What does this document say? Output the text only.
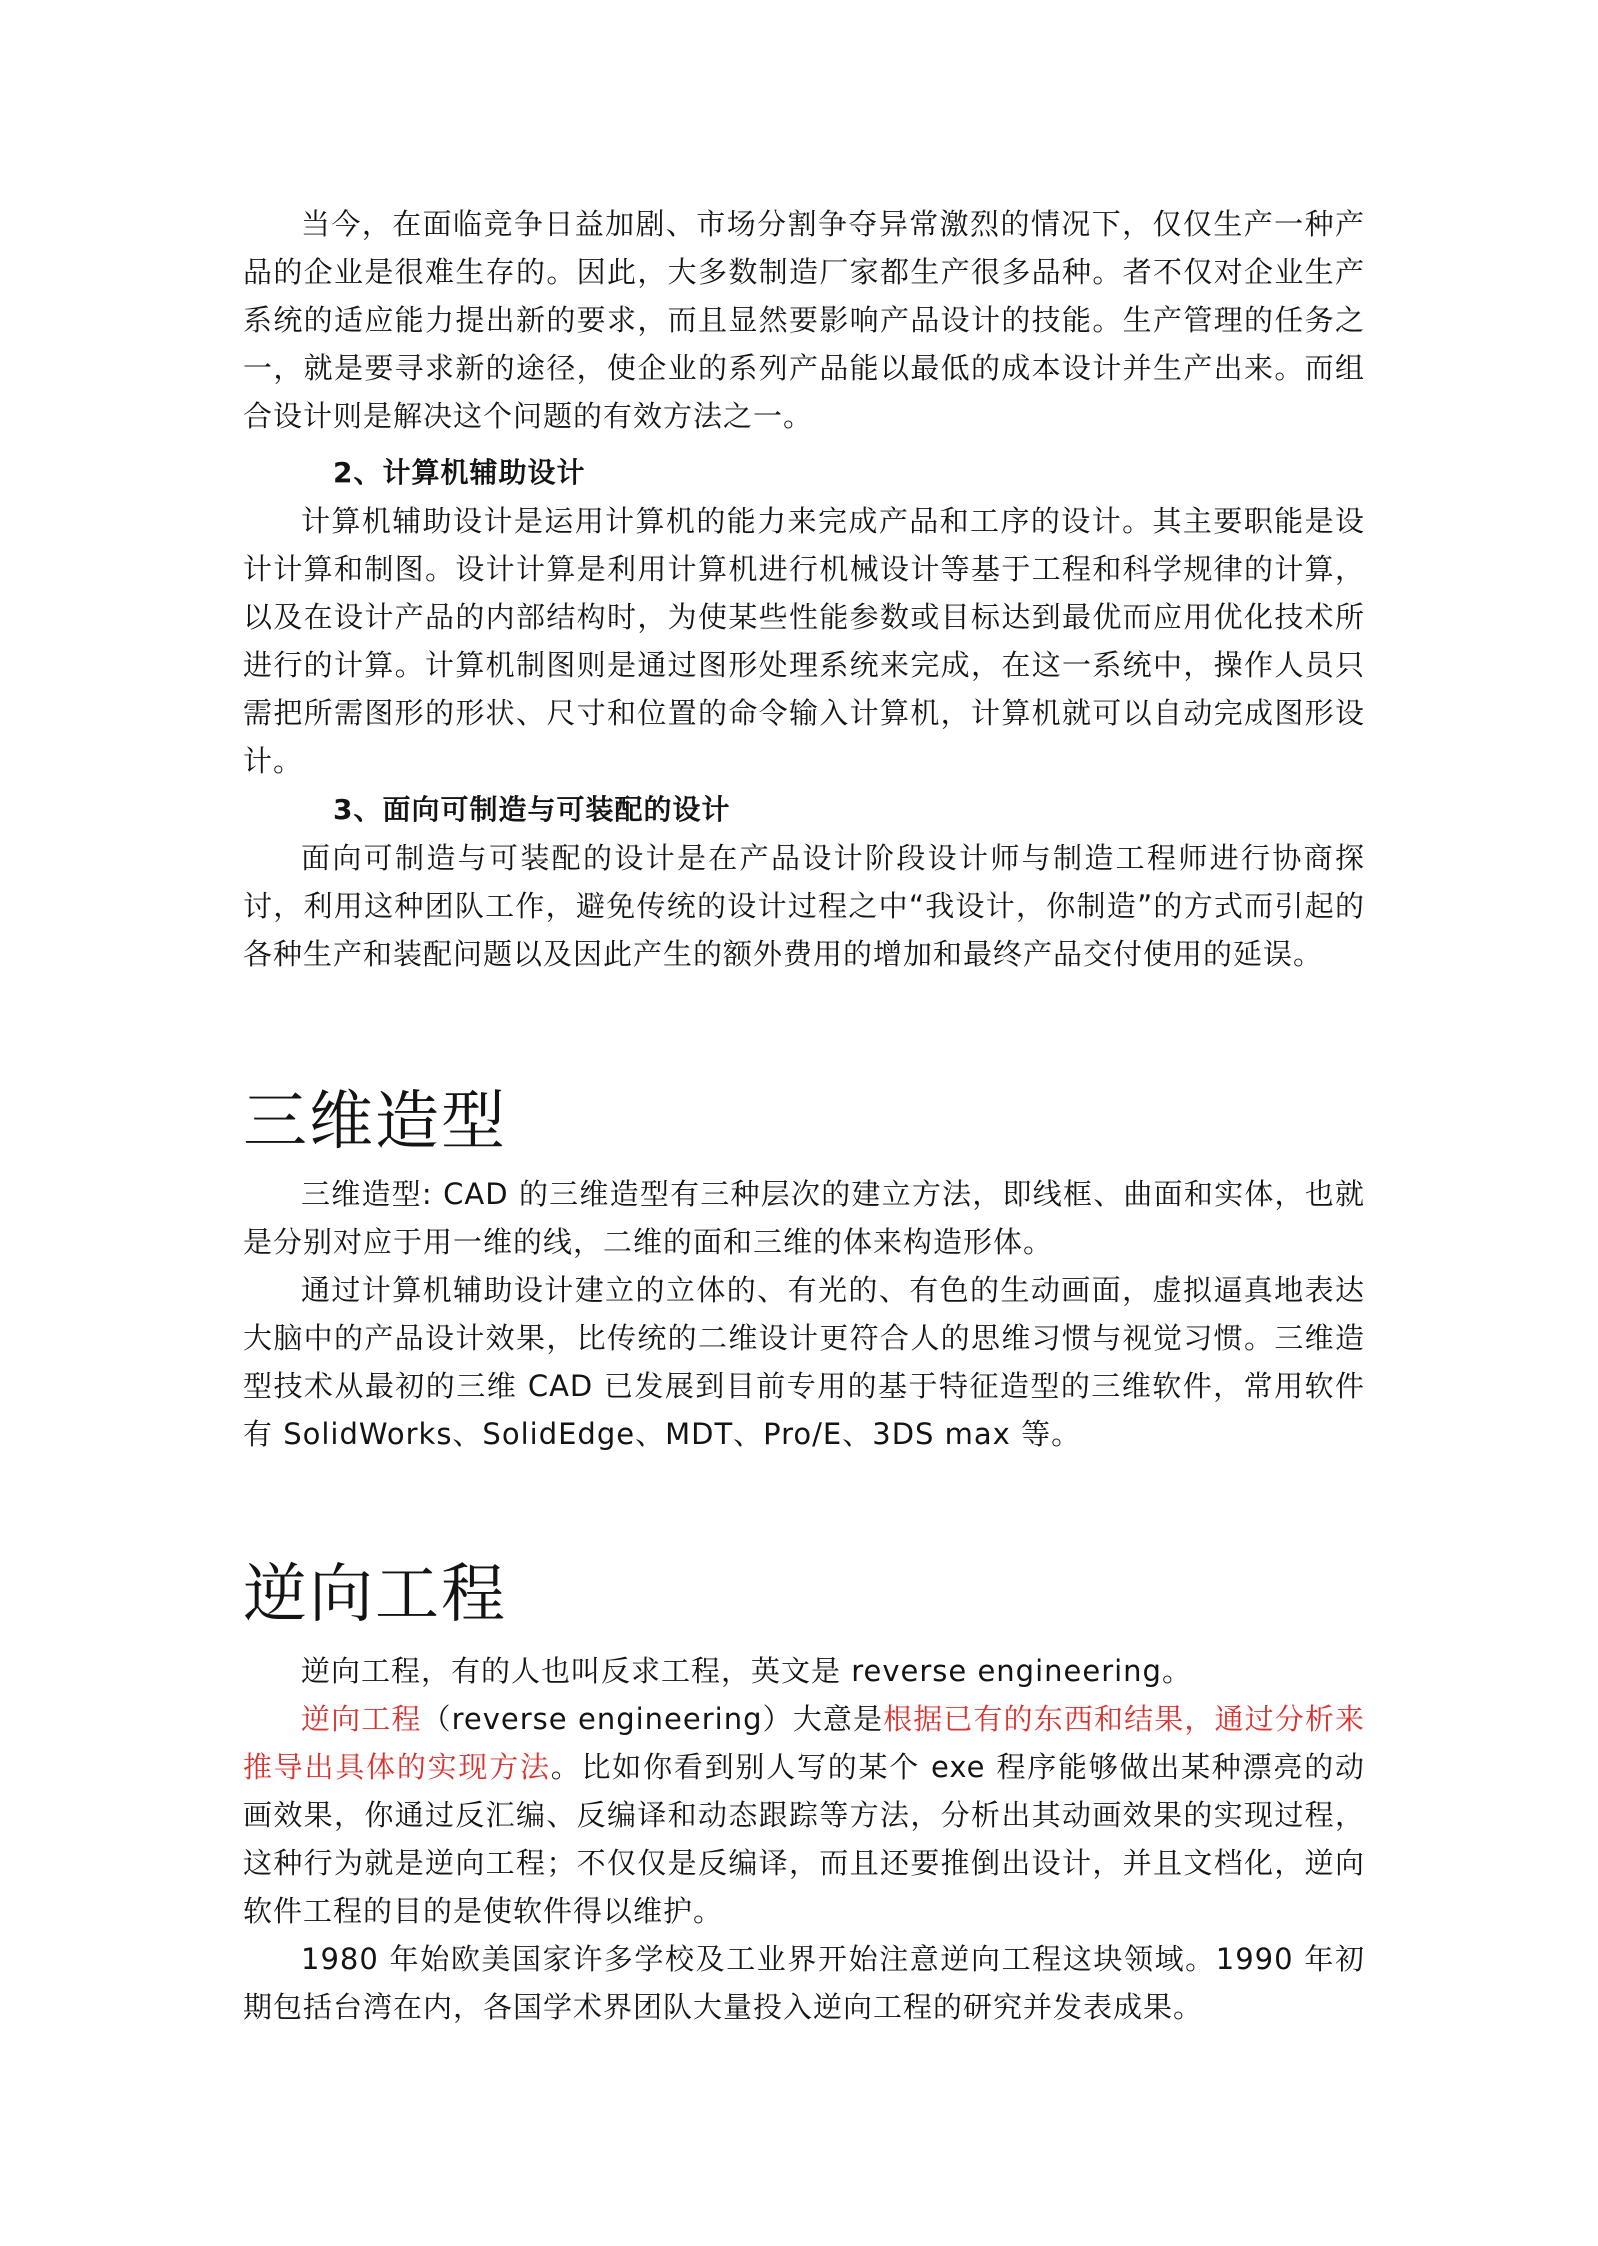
当今，在面临竞争日益加剧、市场分割争夺异常激烈的情况下，仅仅生产一种产品的企业是很难生存的。因此，大多数制造厂家都生产很多品种。者不仅对企业生产系统的适应能力提出新的要求，而且显然要影响产品设计的技能。生产管理的任务之一，就是要寻求新的途径，使企业的系列产品能以最低的成本设计并生产出来。而组合设计则是解决这个问题的有效方法之一。

2、计算机辅助设计

计算机辅助设计是运用计算机的能力来完成产品和工序的设计。其主要职能是设计计算和制图。设计计算是利用计算机进行机械设计等基于工程和科学规律的计算，以及在设计产品的内部结构时，为使某些性能参数或目标达到最优而应用优化技术所进行的计算。计算机制图则是通过图形处理系统来完成，在这一系统中，操作人员只需把所需图形的形状、尺寸和位置的命令输入计算机，计算机就可以自动完成图形设计。

3、面向可制造与可装配的设计

面向可制造与可装配的设计是在产品设计阶段设计师与制造工程师进行协商探讨，利用这种团队工作，避免传统的设计过程之中“我设计，你制造”的方式而引起的各种生产和装配问题以及因此产生的额外费用的增加和最终产品交付使用的延误。

三维造型

三维造型: CAD 的三维造型有三种层次的建立方法，即线框、曲面和实体，也就是分别对应于用一维的线，二维的面和三维的体来构造形体。

通过计算机辅助设计建立的立体的、有光的、有色的生动画面，虚拟逼真地表达大脑中的产品设计效果，比传统的二维设计更符合人的思维习惯与视觉习惯。三维造型技术从最初的三维 CAD 已发展到目前专用的基于特征造型的三维软件，常用软件有 SolidWorks、SolidEdge、MDT、Pro/E、3DS max 等。

逆向工程

逆向工程，有的人也叫反求工程，英文是 reverse engineering。

逆向工程（reverse engineering）大意是根据已有的东西和结果，通过分析来推导出具体的实现方法。比如你看到别人写的某个 exe 程序能够做出某种漂亮的动画效果，你通过反汇编、反编译和动态跟踪等方法，分析出其动画效果的实现过程，这种行为就是逆向工程；不仅仅是反编译，而且还要推倒出设计，并且文档化，逆向软件工程的目的是使软件得以维护。

1980 年始欧美国家许多学校及工业界开始注意逆向工程这块领域。1990 年初期包括台湾在内，各国学术界团队大量投入逆向工程的研究并发表成果。
